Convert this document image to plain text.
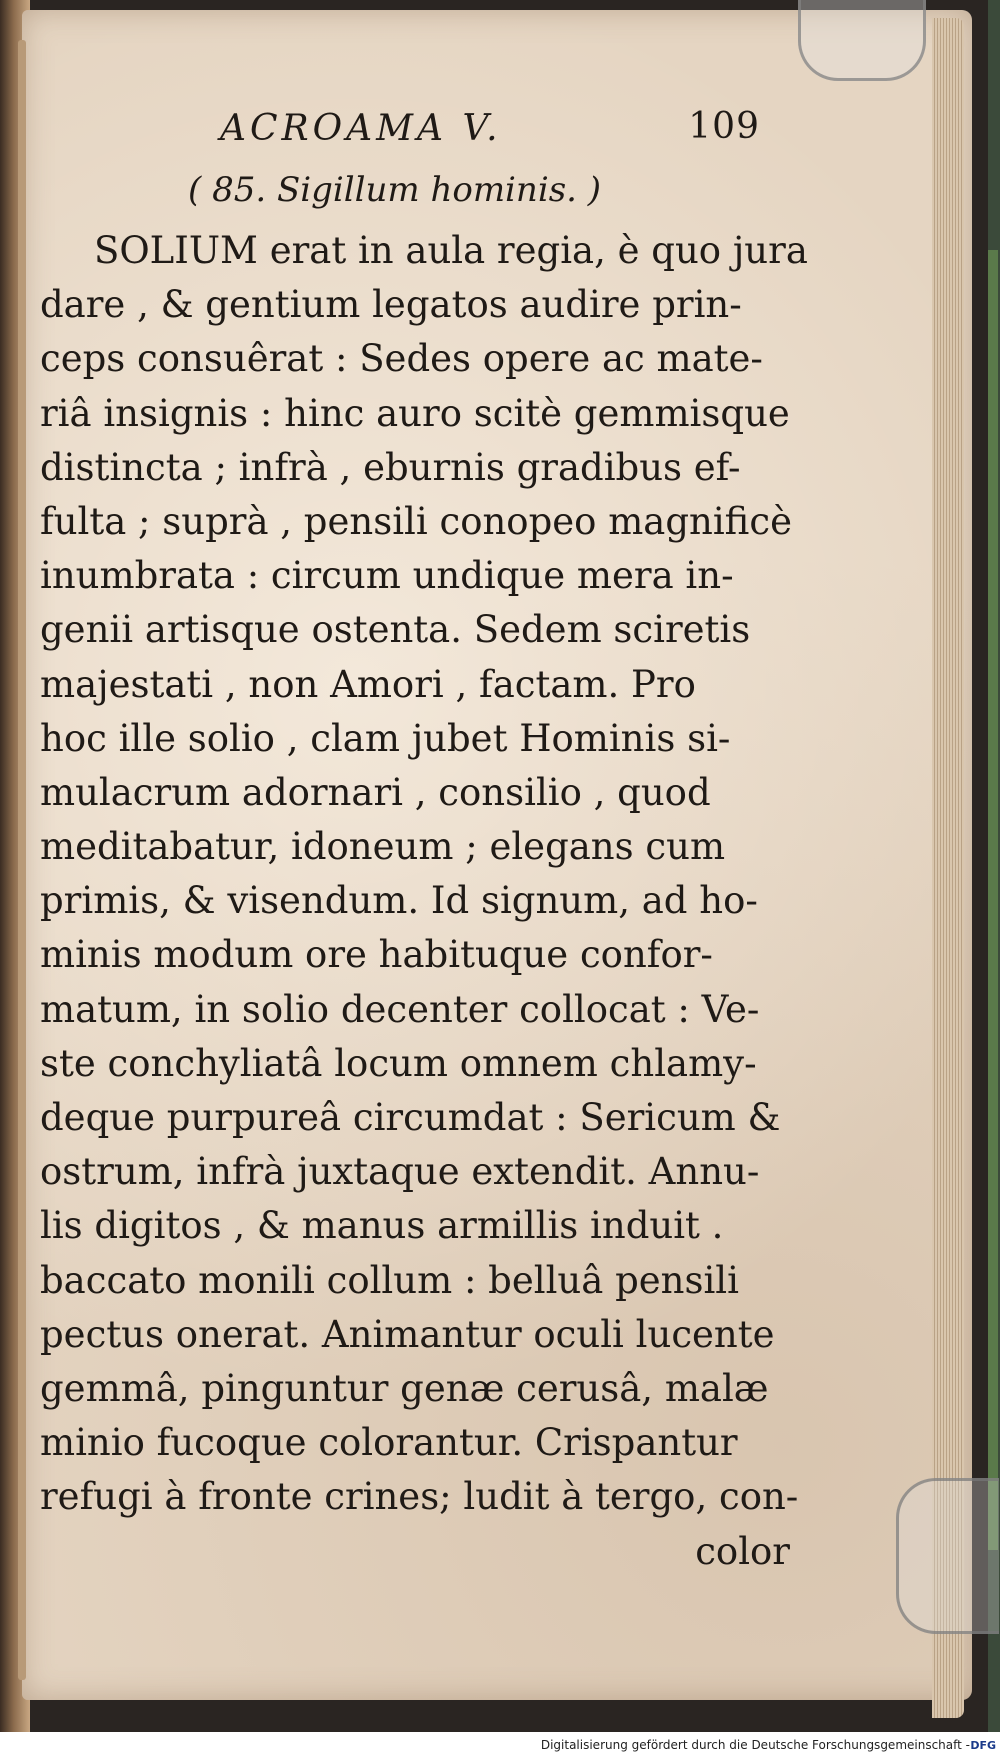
ACROAMA V.	109
( 85. Sigillum hominis. )
SOLIUM erat in aula regia, è quo jura
dare , & gentium legatos audire prin-
ceps consuêrat : Sedes opere ac mate-
riâ insignis : hinc auro scitè gemmisque
distincta ; infrà , eburnis gradibus ef-
fulta ; suprà , pensili conopeo magnificè
inumbrata : circum undique mera in-
genii artisque ostenta. Sedem sciretis
majestati , non Amori , factam. Pro
hoc ille solio , clam jubet Hominis si-
mulacrum adornari , consilio , quod
meditabatur, idoneum ; elegans cum
primis, & visendum. Id signum, ad ho-
minis modum ore habituque confor-
matum, in solio decenter collocat : Ve-
ste conchyliatâ locum omnem chlamy-
deque purpureâ circumdat : Sericum &
ostrum, infrà juxtaque extendit. Annu-
lis digitos , & manus armillis induit .
baccato monili collum : belluâ pensili
pectus onerat. Animantur oculi lucente
gemmâ, pinguntur genæ cerusâ, malæ
minio fucoque colorantur. Crispantur
refugi à fronte crines; ludit à tergo, con-
color
Digitalisierung gefördert durch die Deutsche Forschungsgemeinschaft - DFG
